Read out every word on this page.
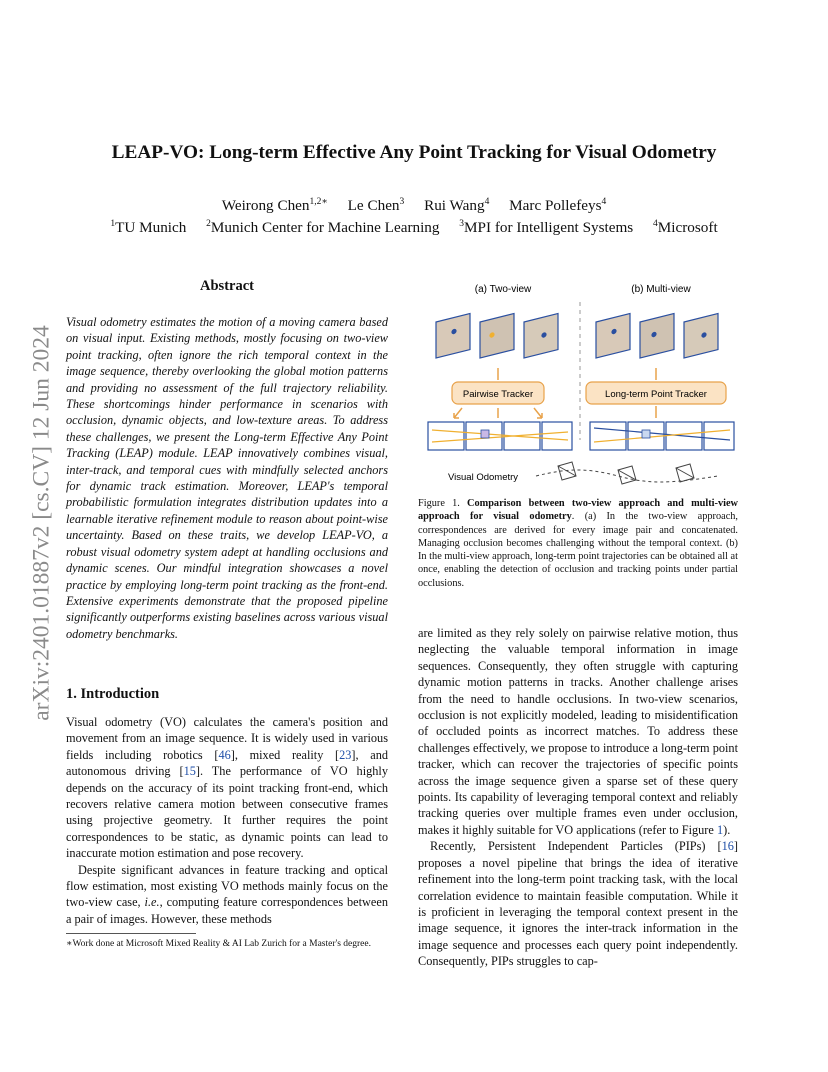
arXiv:2401.01887v2 [cs.CV] 12 Jun 2024
LEAP-VO: Long-term Effective Any Point Tracking for Visual Odometry
Weirong Chen$^{1,2∗}$ Le Chen$^3$ Rui Wang$^4$ Marc Pollefeys$^4$
$^1$TU Munich $^2$Munich Center for Machine Learning $^3$MPI for Intelligent Systems $^4$Microsoft
Abstract
Visual odometry estimates the motion of a moving camera based on visual input. Existing methods, mostly focusing on two-view point tracking, often ignore the rich temporal context in the image sequence, thereby overlooking the global motion patterns and providing no assessment of the full trajectory reliability. These shortcomings hinder performance in scenarios with occlusion, dynamic objects, and low-texture areas. To address these challenges, we present the Long-term Effective Any Point Tracking (LEAP) module. LEAP innovatively combines visual, inter-track, and temporal cues with mindfully selected anchors for dynamic track estimation. Moreover, LEAP's temporal probabilistic formulation integrates distribution updates into a learnable iterative refinement module to reason about point-wise uncertainty. Based on these traits, we develop LEAP-VO, a robust visual odometry system adept at handling occlusions and dynamic scenes. Our mindful integration showcases a novel practice by employing long-term point tracking as the front-end. Extensive experiments demonstrate that the proposed pipeline significantly outperforms existing baselines across various visual odometry benchmarks.
1. Introduction

Visual odometry (VO) calculates the camera's position and movement from an image sequence. It is widely used in various fields including robotics [46], mixed reality [23], and autonomous driving [15]. The performance of VO highly depends on the accuracy of its point tracking front-end, which recovers relative camera motion between consecutive frames using projective geometry. It further requires the point correspondences to be static, as dynamic points can lead to inaccurate motion estimation and pose recovery.

Despite significant advances in feature tracking and optical flow estimation, most existing VO methods mainly focus on the two-view case, i.e., computing feature correspondences between a pair of images. However, these methods

∗Work done at Microsoft Mixed Reality & AI Lab Zurich for a Master's degree.
(a) Two-view	(b) Multi-view
Pairwise Tracker	Long-term Point Tracker
Visual Odometry
Figure 1. Comparison between two-view approach and multi-view approach for visual odometry. (a) In the two-view approach, correspondences are derived for every image pair and concatenated. Managing occlusion becomes challenging without the temporal context. (b) In the multi-view approach, long-term point trajectories can be obtained all at once, enabling the detection of occlusion and tracking points under partial occlusions.

are limited as they rely solely on pairwise relative motion, thus neglecting the valuable temporal information in image sequences. Consequently, they often struggle with capturing dynamic motion patterns in tracks. Another challenge arises from the need to handle occlusions. In two-view scenarios, occlusion is not explicitly modeled, leading to misidentification of occluded points as incorrect matches. To address these challenges effectively, we propose to introduce a long-term point tracker, which can recover the trajectories of specific points across the image sequence given a sparse set of these query points. Its capability of leveraging temporal context and reliably tracking queries over multiple frames even under occlusion, makes it highly suitable for VO applications (refer to Figure 1).

Recently, Persistent Independent Particles (PIPs) [16] proposes a novel pipeline that brings the idea of iterative refinement into the long-term point tracking task, with the local correlation evidence to maintain feasible computation. While it is proficient in leveraging the temporal context present in the image sequence, it ignores the inter-track information in the image sequence and processes each query point independently. Consequently, PIPs struggles to cap-
